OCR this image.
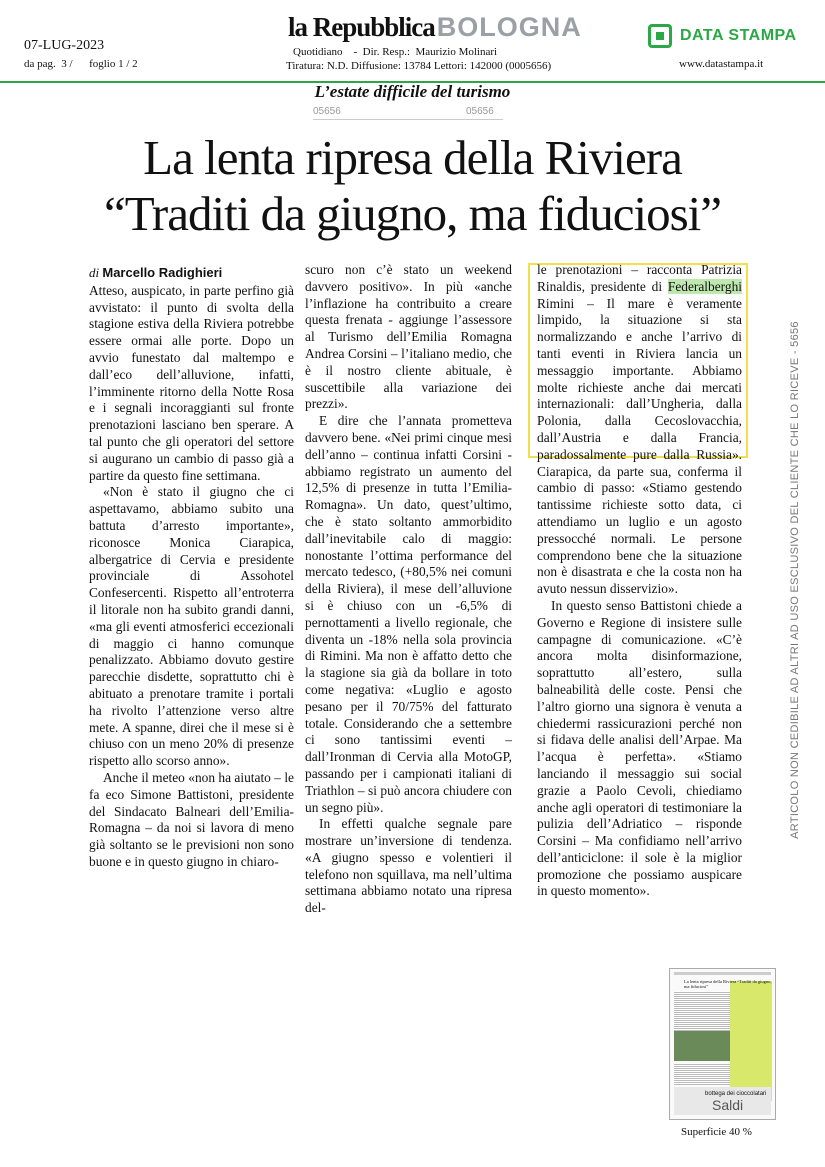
07-LUG-2023
da pag.  3 /      foglio 1 / 2
la RepubblicaBOLOGNA
Quotidiano    -  Dir. Resp.:  Maurizio Molinari
Tiratura: N.D. Diffusione: 13784 Lettori: 142000 (0005656)
DATA STAMPA
www.datastampa.it
L’estate difficile del turismo
05656	05656
La lenta ripresa della Riviera
“Traditi da giugno, ma fiduciosi”
di Marcello Radighieri

Atteso, auspicato, in parte perfino già avvistato: il punto di svolta della stagione estiva della Riviera potrebbe essere ormai alle porte. Dopo un avvio funestato dal maltempo e dall’eco dell’alluvione, infatti, l’imminente ritorno della Notte Rosa e i segnali incoraggianti sul fronte prenotazioni lasciano ben sperare. A tal punto che gli operatori del settore si augurano un cambio di passo già a partire da questo fine settimana.

«Non è stato il giugno che ci aspettavamo, abbiamo subito una battuta d’arresto importante», riconosce Monica Ciarapica, albergatrice di Cervia e presidente provinciale di Assohotel Confesercenti. Rispetto all’entroterra il litorale non ha subito grandi danni, «ma gli eventi atmosferici eccezionali di maggio ci hanno comunque penalizzato. Abbiamo dovuto gestire parecchie disdette, soprattutto chi è abituato a prenotare tramite i portali ha rivolto l’attenzione verso altre mete. A spanne, direi che il mese si è chiuso con un meno 20% di presenze rispetto allo scorso anno».

Anche il meteo «non ha aiutato – le fa eco Simone Battistoni, presidente del Sindacato Balneari dell’Emilia-Romagna – da noi si lavora di meno già soltanto se le previsioni non sono buone e in questo giugno in chiaro-

scuro non c’è stato un weekend davvero positivo». In più «anche l’inflazione ha contribuito a creare questa frenata - aggiunge l’assessore al Turismo dell’Emilia Romagna Andrea Corsini – l’italiano medio, che è il nostro cliente abituale, è suscettibile alla variazione dei prezzi».

E dire che l’annata prometteva davvero bene. «Nei primi cinque mesi dell’anno – continua infatti Corsini - abbiamo registrato un aumento del 12,5% di presenze in tutta l’Emilia-Romagna». Un dato, quest’ultimo, che è stato soltanto ammorbidito dall’inevitabile calo di maggio: nonostante l’ottima performance del mercato tedesco, (+80,5% nei comuni della Riviera), il mese dell’alluvione si è chiuso con un -6,5% di pernottamenti a livello regionale, che diventa un -18% nella sola provincia di Rimini. Ma non è affatto detto che la stagione sia già da bollare in toto come negativa: «Luglio e agosto pesano per il 70/75% del fatturato totale. Considerando che a settembre ci sono tantissimi eventi – dall’Ironman di Cervia alla MotoGP, passando per i campionati italiani di Triathlon – si può ancora chiudere con un segno più».

In effetti qualche segnale pare mostrare un’inversione di tendenza. «A giugno spesso e volentieri il telefono non squillava, ma nell’ultima settimana abbiamo notato una ripresa del-

le prenotazioni – racconta Patrizia Rinaldis, presidente di Federalberghi Rimini – Il mare è veramente limpido, la situazione si sta normalizzando e anche l’arrivo di tanti eventi in Riviera lancia un messaggio importante. Abbiamo molte richieste anche dai mercati internazionali: dall’Ungheria, dalla Polonia, dalla Cecoslovacchia, dall’Austria e dalla Francia, paradossalmente pure dalla Russia». Ciarapica, da parte sua, conferma il cambio di passo: «Stiamo gestendo tantissime richieste sotto data, ci attendiamo un luglio e un agosto pressocché normali. Le persone comprendono bene che la situazione non è disastrata e che la costa non ha avuto nessun disservizio».

In questo senso Battistoni chiede a Governo e Regione di insistere sulle campagne di comunicazione. «C’è ancora molta disinformazione, soprattutto all’estero, sulla balneabilità delle coste. Pensi che l’altro giorno una signora è venuta a chiedermi rassicurazioni perché non si fidava delle analisi dell’Arpae. Ma l’acqua è perfetta». «Stiamo lanciando il messaggio sui social grazie a Paolo Cevoli, chiediamo anche agli operatori di testimoniare la pulizia dell’Adriatico – risponde Corsini – Ma confidiamo nell’arrivo dell’anticiclone: il sole è la miglior promozione che possiamo auspicare in questo momento».

ARTICOLO NON CEDIBILE AD ALTRI AD USO ESCLUSIVO DEL CLIENTE CHE LO RICEVE - 5656
La lenta ripresa della Riviera “Traditi da giugno, ma fiduciosi”
bottega dei cioccolatari
Saldi
Superficie 40 %
